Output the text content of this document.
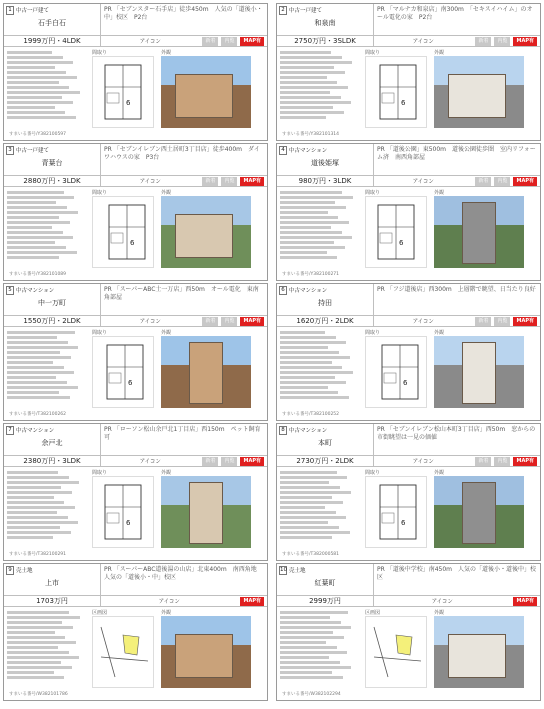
1 中古一戸建て
石手白石
PR 「セブンスター石手店」徒歩450m　人気の「道後小・中」校区　P2台
1999万円・4LDK	アイコン	新着	内覧	MAP有
間取り
6
外観
すまいる番号/Y382100597
2 中古一戸建て
和泉南
PR 「マルナカ和泉店」南300m　「セキスイハイム」のオール電化の家　P2台
2750万円・3SLDK	アイコン	新着	内覧	MAP有
間取り
6
外観
すまいる番号/Y382101314
3 中古一戸建て
青葉台
PR 「セブンイレブン西土居町3丁目店」徒歩400m　ダイワハウスの家　P3台
2880万円・3LDK	アイコン	新着	内覧	MAP有
間取り
6
外観
すまいる番号/Y382101089
4 中古マンション
道後姫塚
PR 「道後公園」東500m　道後公園徒歩圏　室内リフォーム済　南西角部屋
980万円・3LDK	アイコン	新着	内覧	MAP有
間取り
6
外観
すまいる番号/Y382100271
5 中古マンション
中一万町
PR 「スーパーABC土一万店」西50m　オール電化　東南角部屋
1550万円・2LDK	アイコン	新着	内覧	MAP有
間取り
6
外観
すまいる番号/T382100262
6 中古マンション
持田
PR 「フジ道後店」西300m　上層階で眺望、日当たり良好
1620万円・2LDK	アイコン	新着	内覧	MAP有
間取り
6
外観
すまいる番号/T382100252
7 中古マンション
余戸北
PR 「ローソン松山余戸北1丁目店」西150m　ペット飼育可
2380万円・3LDK	アイコン	新着	内覧	MAP有
間取り
6
外観
すまいる番号/T382100291
8 中古マンション
本町
PR 「セブンイレブン松山本町3丁目店」西50m　窓からの市街眺望は一見の価値
2730万円・2LDK	アイコン	新着	内覧	MAP有
間取り
6
外観
すまいる番号/T382000581
9 売土地
上市
PR 「スーパーABC道後湯の山店」北東400m　南西角地　人気の「道後小・中」校区
1703万円	アイコン	MAP有
区画図	外観
すまいる番号/W382101786
10 売土地
紅葉町
PR 「道後中学校」南450m　人気の「道後小・道後中」校区
2999万円	アイコン	MAP有
区画図	外観
すまいる番号/W382102294
